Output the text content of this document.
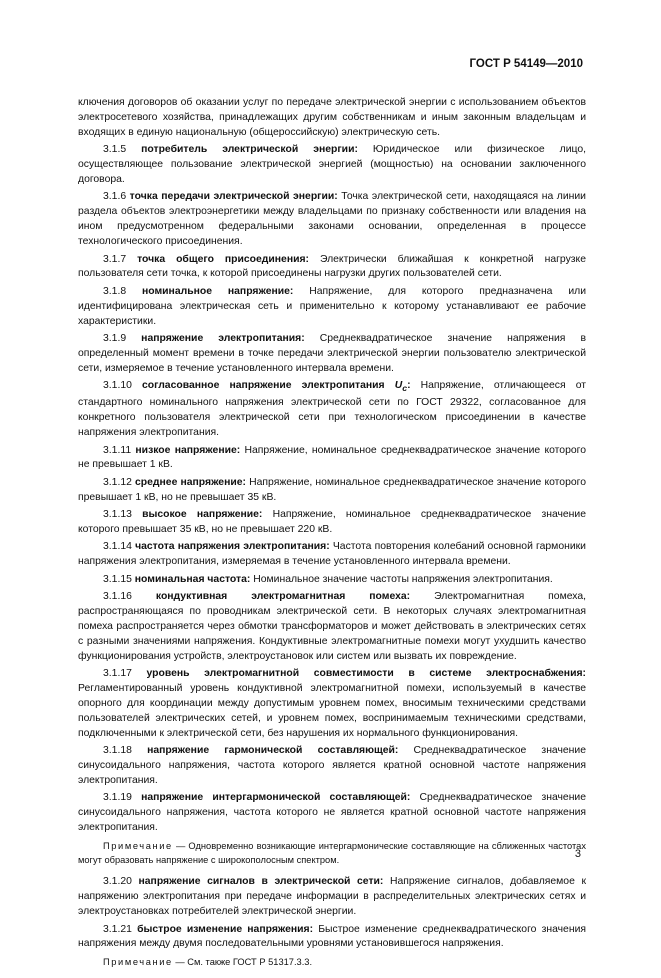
ГОСТ Р 54149—2010

ключения договоров об оказании услуг по передаче электрической энергии с использованием объектов электросетевого хозяйства, принадлежащих другим собственникам и иным законным владельцам и входящих в единую национальную (общероссийскую) электрическую сеть.

3.1.5 потребитель электрической энергии: Юридическое или физическое лицо, осуществляющее пользование электрической энергией (мощностью) на основании заключенного договора.

3.1.6 точка передачи электрической энергии: Точка электрической сети, находящаяся на линии раздела объектов электроэнергетики между владельцами по признаку собственности или владения на ином предусмотренном федеральными законами основании, определенная в процессе технологического присоединения.

3.1.7 точка общего присоединения: Электрически ближайшая к конкретной нагрузке пользователя сети точка, к которой присоединены нагрузки других пользователей сети.

3.1.8 номинальное напряжение: Напряжение, для которого предназначена или идентифицирована электрическая сеть и применительно к которому устанавливают ее рабочие характеристики.

3.1.9 напряжение электропитания: Среднеквадратическое значение напряжения в определенный момент времени в точке передачи электрической энергии пользователю электрической сети, измеряемое в течение установленного интервала времени.

3.1.10 согласованное напряжение электропитания $U_c$: Напряжение, отличающееся от стандартного номинального напряжения электрической сети по ГОСТ 29322, согласованное для конкретного пользователя электрической сети при технологическом присоединении в качестве напряжения электропитания.

3.1.11 низкое напряжение: Напряжение, номинальное среднеквадратическое значение которого не превышает 1 кВ.

3.1.12 среднее напряжение: Напряжение, номинальное среднеквадратическое значение которого превышает 1 кВ, но не превышает 35 кВ.

3.1.13 высокое напряжение: Напряжение, номинальное среднеквадратическое значение которого превышает 35 кВ, но не превышает 220 кВ.

3.1.14 частота напряжения электропитания: Частота повторения колебаний основной гармоники напряжения электропитания, измеряемая в течение установленного интервала времени.

3.1.15 номинальная частота: Номинальное значение частоты напряжения электропитания.

3.1.16 кондуктивная электромагнитная помеха: Электромагнитная помеха, распространяющаяся по проводникам электрической сети. В некоторых случаях электромагнитная помеха распространяется через обмотки трансформаторов и может действовать в электрических сетях с разными значениями напряжения. Кондуктивные электромагнитные помехи могут ухудшить качество функционирования устройств, электроустановок или систем или вызвать их повреждение.

3.1.17 уровень электромагнитной совместимости в системе электроснабжения: Регламентированный уровень кондуктивной электромагнитной помехи, используемый в качестве опорного для координации между допустимым уровнем помех, вносимым техническими средствами пользователей электрических сетей, и уровнем помех, воспринимаемым техническими средствами, подключенными к электрической сети, без нарушения их нормального функционирования.

3.1.18 напряжение гармонической составляющей: Среднеквадратическое значение синусоидального напряжения, частота которого является кратной основной частоте напряжения электропитания.

3.1.19 напряжение интергармонической составляющей: Среднеквадратическое значение синусоидального напряжения, частота которого не является кратной основной частоте напряжения электропитания.

Примечание — Одновременно возникающие интергармонические составляющие на сближенных частотах могут образовать напряжение с широкополосным спектром.

3.1.20 напряжение сигналов в электрической сети: Напряжение сигналов, добавляемое к напряжению электропитания при передаче информации в распределительных электрических сетях и электроустановках потребителей электрической энергии.

3.1.21 быстрое изменение напряжения: Быстрое изменение среднеквадратического значения напряжения между двумя последовательными уровнями установившегося напряжения.

Примечание — См. также ГОСТ Р 51317.3.3.

3
